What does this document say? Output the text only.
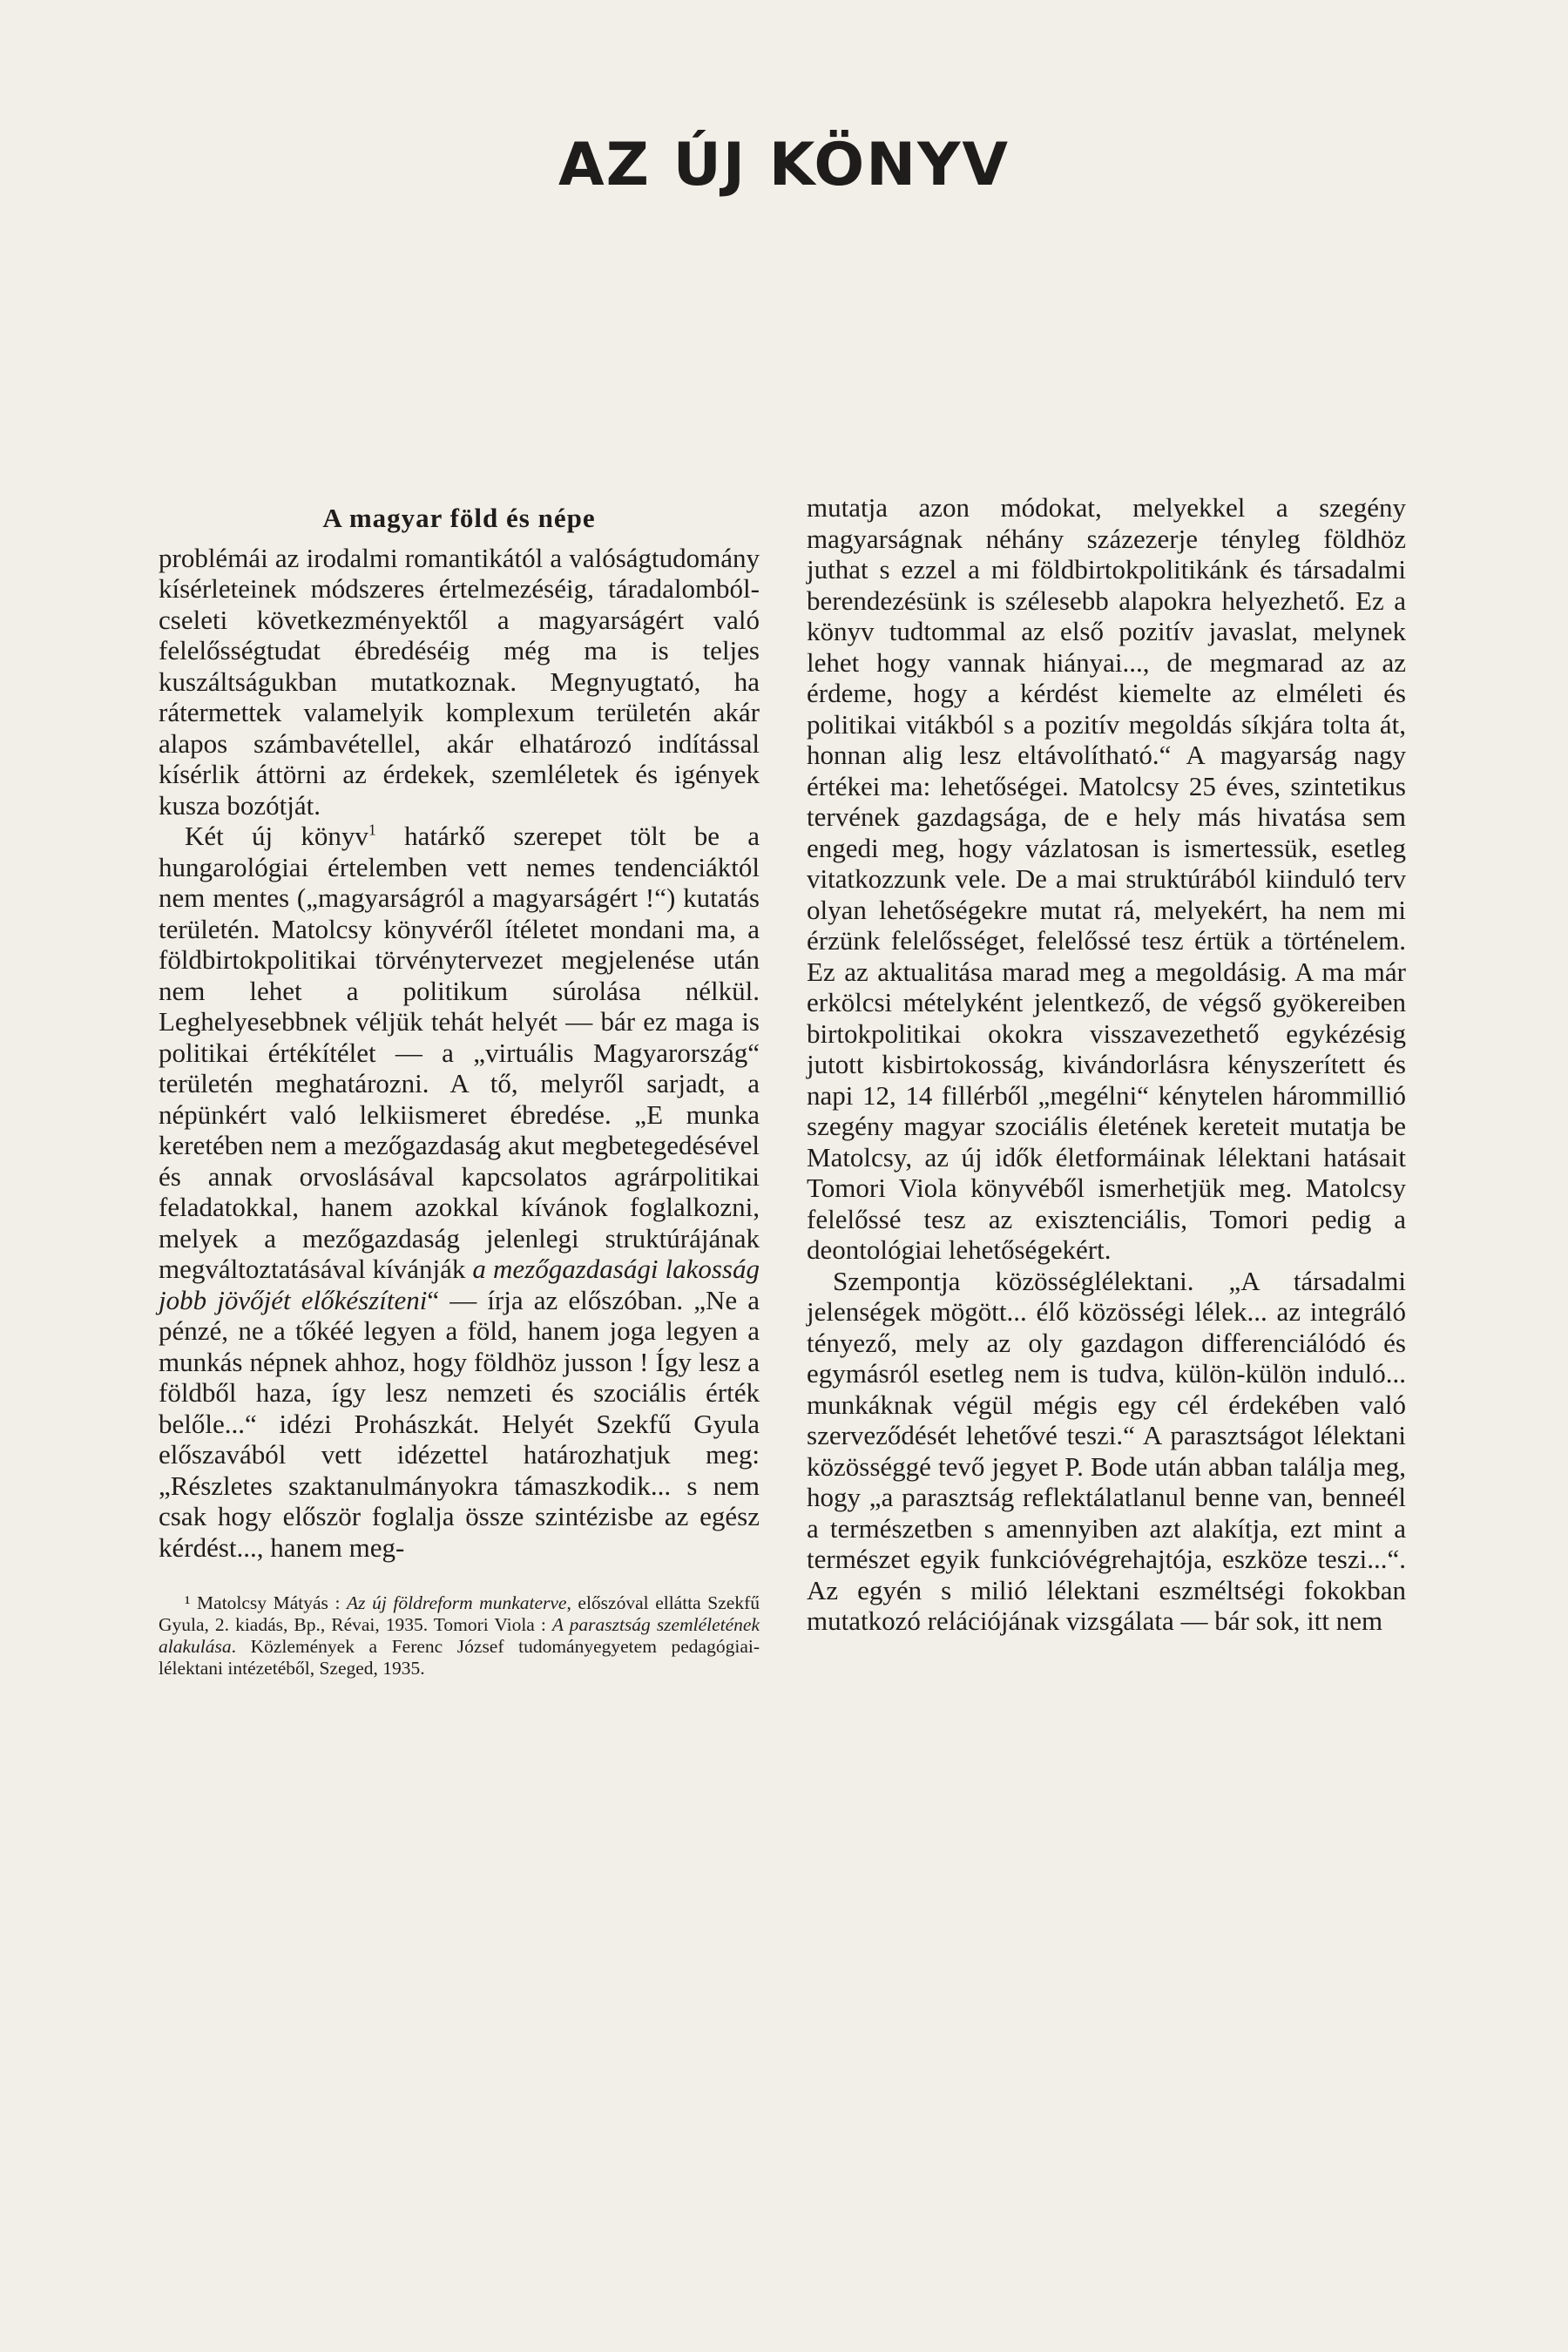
AZ ÚJ KÖNYV
A magyar föld és népe

problémái az irodalmi romantikától a valóságtudomány kísérleteinek módszeres értelmezéséig, táradalomból-cseleti következményektől a magyarságért való felelősségtudat ébredéséig még ma is teljes kuszáltságukban mutatkoznak. Megnyugtató, ha rátermettek valamelyik komplexum területén akár alapos számbavétellel, akár elhatározó indítással kísérlik áttörni az érdekek, szemléletek és igények kusza bozótját.

Két új könyv$^1$ határkő szerepet tölt be a hungarológiai értelemben vett nemes tendenciáktól nem mentes („magyarságról a magyarságért !“) kutatás területén. Matolcsy könyvéről ítéletet mondani ma, a földbirtokpolitikai törvénytervezet megjelenése után nem lehet a politikum súrolása nélkül. Leghelyesebbnek véljük tehát helyét — bár ez maga is politikai értékítélet — a „virtuális Magyarország“ területén meghatározni. A tő, melyről sarjadt, a népünkért való lelkiismeret ébredése. „E munka keretében nem a mezőgazdaság akut megbetegedésével és annak orvoslásával kapcsolatos agrárpolitikai feladatokkal, hanem azokkal kívánok foglalkozni, melyek a mezőgazdaság jelenlegi struktúrájának megváltoztatásával kívánják a mezőgazdasági lakosság jobb jövőjét előkészíteni“ — írja az előszóban. „Ne a pénzé, ne a tőkéé legyen a föld, hanem joga legyen a munkás népnek ahhoz, hogy földhöz jusson ! Így lesz a földből haza, így lesz nemzeti és szociális érték belőle...“ idézi Prohászkát. Helyét Szekfű Gyula előszavából vett idézettel határozhatjuk meg: „Részletes szaktanulmányokra támaszkodik... s nem csak hogy először foglalja össze szintézisbe az egész kérdést..., hanem meg-

¹ Matolcsy Mátyás : Az új földreform munkaterve, előszóval ellátta Szekfű Gyula, 2. kiadás, Bp., Révai, 1935. Tomori Viola : A parasztság szemléletének alakulása. Közlemények a Ferenc József tudományegyetem pedagógiai-lélektani intézetéből, Szeged, 1935.

mutatja azon módokat, melyekkel a szegény magyarságnak néhány százezerje tényleg földhöz juthat s ezzel a mi földbirtokpolitikánk és társadalmi berendezésünk is szélesebb alapokra helyezhető. Ez a könyv tudtommal az első pozitív javaslat, melynek lehet hogy vannak hiányai..., de megmarad az az érdeme, hogy a kérdést kiemelte az elméleti és politikai vitákból s a pozitív megoldás síkjára tolta át, honnan alig lesz eltávolítható.“ A magyarság nagy értékei ma: lehetőségei. Matolcsy 25 éves, szintetikus tervének gazdagsága, de e hely más hivatása sem engedi meg, hogy vázlatosan is ismertessük, esetleg vitatkozzunk vele. De a mai struktúrából kiinduló terv olyan lehetőségekre mutat rá, melyekért, ha nem mi érzünk felelősséget, felelőssé tesz értük a történelem. Ez az aktualitása marad meg a megoldásig. A ma már erkölcsi mételyként jelentkező, de végső gyökereiben birtokpolitikai okokra visszavezethető egykézésig jutott kisbirtokosság, kivándorlásra kényszerített és napi 12, 14 fillérből „megélni“ kénytelen hárommillió szegény magyar szociális életének kereteit mutatja be Matolcsy, az új idők életformáinak lélektani hatásait Tomori Viola könyvéből ismerhetjük meg. Matolcsy felelőssé tesz az exisztenciális, Tomori pedig a deontológiai lehetőségekért.

Szempontja közösséglélektani. „A társadalmi jelenségek mögött... élő közösségi lélek... az integráló tényező, mely az oly gazdagon differenciálódó és egymásról esetleg nem is tudva, külön-külön induló... munkáknak végül mégis egy cél érdekében való szerveződését lehetővé teszi.“ A parasztságot lélektani közösséggé tevő jegyet P. Bode után abban találja meg, hogy „a parasztság reflektálatlanul benne van, benneél a természetben s amennyiben azt alakítja, ezt mint a természet egyik funkcióvégrehajtója, eszköze teszi...“. Az egyén s milió lélektani eszméltségi fokokban mutatkozó relációjának vizsgálata — bár sok, itt nem
